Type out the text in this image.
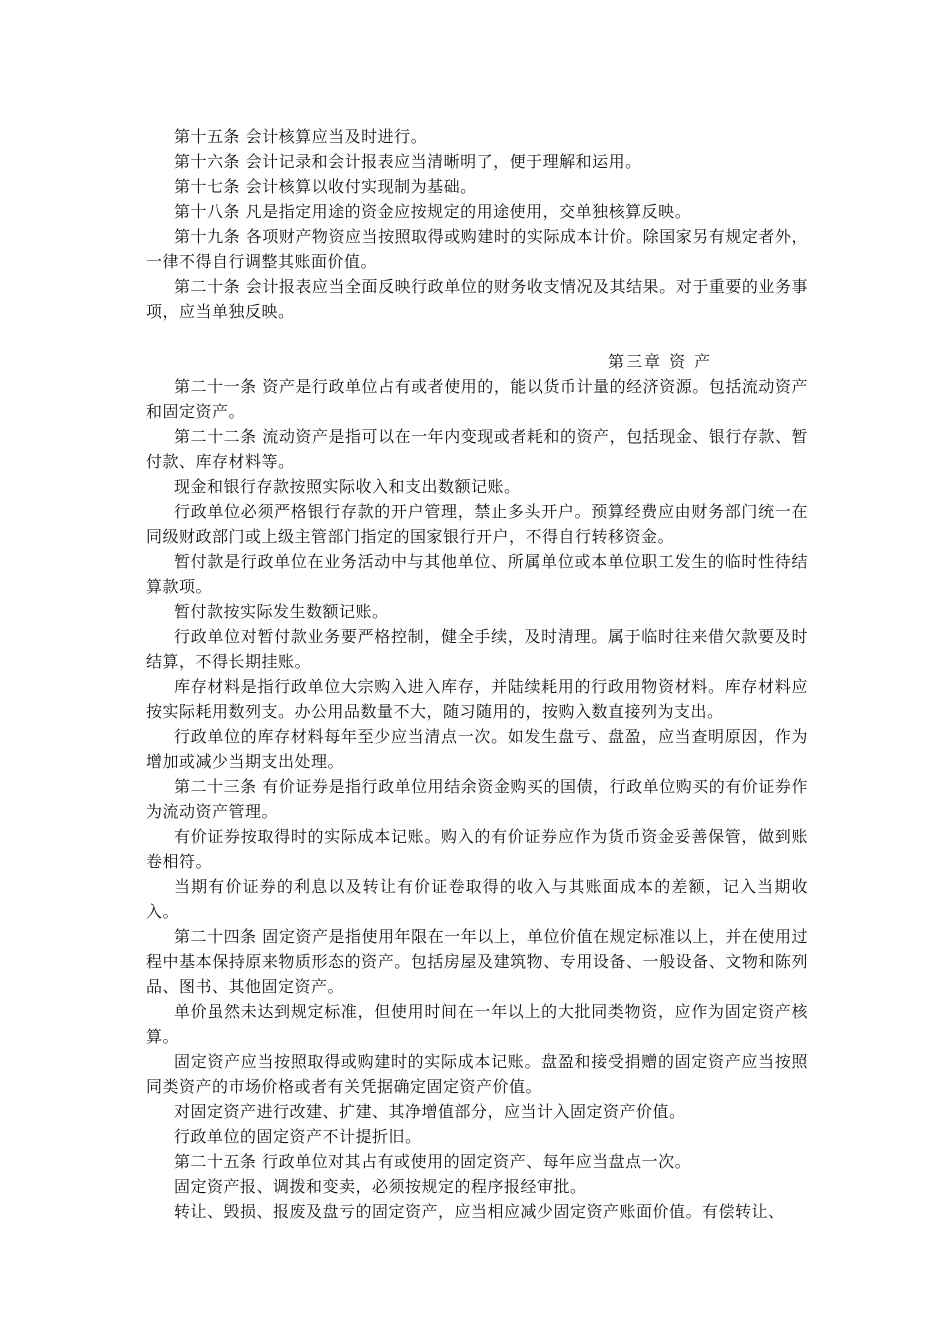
第十五条 会计核算应当及时进行。

第十六条 会计记录和会计报表应当清晰明了，便于理解和运用。

第十七条 会计核算以收付实现制为基础。

第十八条 凡是指定用途的资金应按规定的用途使用，交单独核算反映。

第十九条 各项财产物资应当按照取得或购建时的实际成本计价。除国家另有规定者外，一律不得自行调整其账面价值。

第二十条 会计报表应当全面反映行政单位的财务收支情况及其结果。对于重要的业务事项，应当单独反映。

第三章 资 产

第二十一条 资产是行政单位占有或者使用的，能以货币计量的经济资源。包括流动资产和固定资产。

第二十二条 流动资产是指可以在一年内变现或者耗和的资产，包括现金、银行存款、暂付款、库存材料等。

现金和银行存款按照实际收入和支出数额记账。

行政单位必须严格银行存款的开户管理，禁止多头开户。预算经费应由财务部门统一在同级财政部门或上级主管部门指定的国家银行开户，不得自行转移资金。

暂付款是行政单位在业务活动中与其他单位、所属单位或本单位职工发生的临时性待结算款项。

暂付款按实际发生数额记账。

行政单位对暂付款业务要严格控制，健全手续，及时清理。属于临时往来借欠款要及时结算，不得长期挂账。

库存材料是指行政单位大宗购入进入库存，并陆续耗用的行政用物资材料。库存材料应按实际耗用数列支。办公用品数量不大，随习随用的，按购入数直接列为支出。

行政单位的库存材料每年至少应当清点一次。如发生盘亏、盘盈，应当查明原因，作为增加或减少当期支出处理。

第二十三条 有价证券是指行政单位用结余资金购买的国债，行政单位购买的有价证券作为流动资产管理。

有价证券按取得时的实际成本记账。购入的有价证券应作为货币资金妥善保管，做到账卷相符。

当期有价证券的利息以及转让有价证卷取得的收入与其账面成本的差额，记入当期收入。

第二十四条 固定资产是指使用年限在一年以上，单位价值在规定标准以上，并在使用过程中基本保持原来物质形态的资产。包括房屋及建筑物、专用设备、一般设备、文物和陈列品、图书、其他固定资产。

单价虽然未达到规定标准，但使用时间在一年以上的大批同类物资，应作为固定资产核算。

固定资产应当按照取得或购建时的实际成本记账。盘盈和接受捐赠的固定资产应当按照同类资产的市场价格或者有关凭据确定固定资产价值。

对固定资产进行改建、扩建、其净增值部分，应当计入固定资产价值。

行政单位的固定资产不计提折旧。

第二十五条 行政单位对其占有或使用的固定资产、每年应当盘点一次。

固定资产报、调拨和变卖，必须按规定的程序报经审批。

转让、毁损、报废及盘亏的固定资产，应当相应减少固定资产账面价值。有偿转让、
